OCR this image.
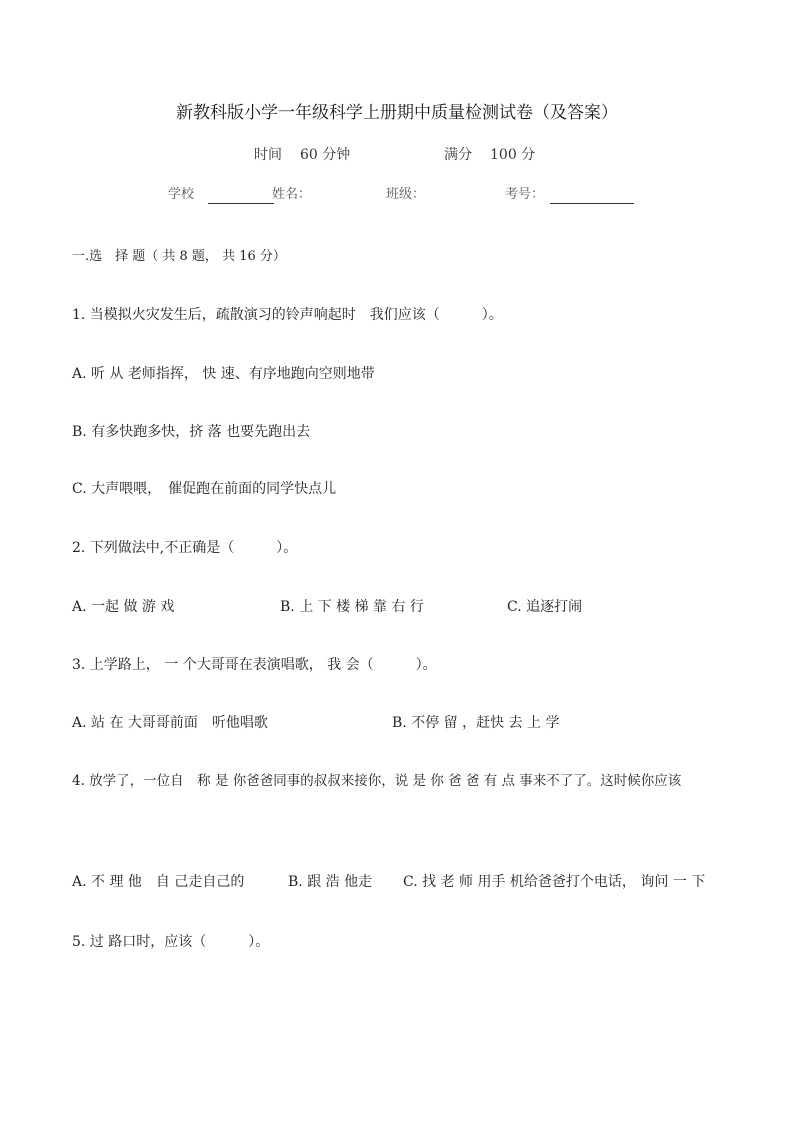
新教科版小学一年级科学上册期中质量检测试卷（及答案）
时间 60 分钟	满分 100 分
学校	姓名：	班级：	考号：
一.选　择 题（ 共 8 题， 共 16 分）
1. 当模拟火灾发生后，疏散演习的铃声响起时　我们应该（　　　）。
A. 听 从 老师指挥， 快 速、有序地跑向空则地带
B. 有多快跑多快，挤 落 也要先跑出去
C. 大声喂喂，　催促跑在前面的同学快点儿
2. 下列做法中,不正确是（　　　）。
A. 一起 做 游 戏	B. 上 下 楼 梯 靠 右 行	C. 追逐打闹
3. 上学路上， 一 个大哥哥在表演唱歌， 我 会（　　　）。
A. 站 在 大哥哥前面　听他唱歌	B. 不停 留 ，赶快 去 上 学
4. 放学了，一位自　称 是 你爸爸同事的叔叔来接你，说 是 你 爸 爸 有 点 事来不了了。这时候你应该
A. 不 理 他　自 己走自己的	B. 跟 浩 他走 C. 找 老 师 用手 机给爸爸打个电话， 询问 一 下
5. 过 路口时，应该（　　　）。
